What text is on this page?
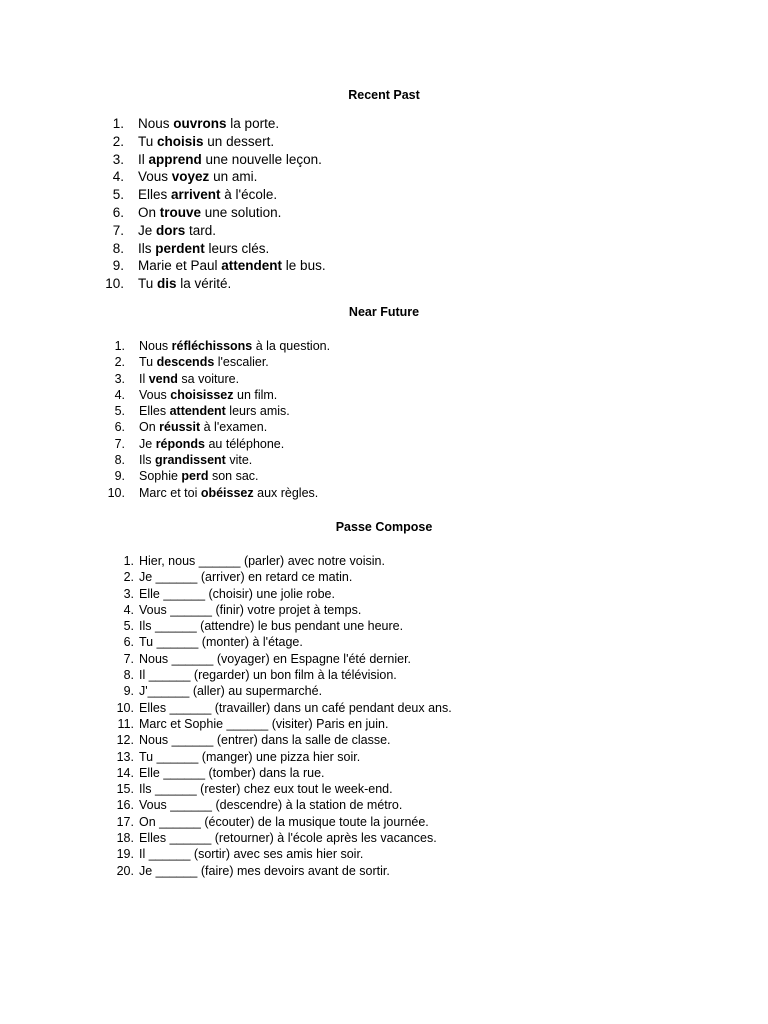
Recent Past
1. Nous ouvrons la porte.
2. Tu choisis un dessert.
3. Il apprend une nouvelle leçon.
4. Vous voyez un ami.
5. Elles arrivent à l'école.
6. On trouve une solution.
7. Je dors tard.
8. Ils perdent leurs clés.
9. Marie et Paul attendent le bus.
10. Tu dis la vérité.
Near Future
1. Nous réfléchissons à la question.
2. Tu descends l'escalier.
3. Il vend sa voiture.
4. Vous choisissez un film.
5. Elles attendent leurs amis.
6. On réussit à l'examen.
7. Je réponds au téléphone.
8. Ils grandissent vite.
9. Sophie perd son sac.
10. Marc et toi obéissez aux règles.
Passe Compose
1. Hier, nous ______ (parler) avec notre voisin.
2. Je ______ (arriver) en retard ce matin.
3. Elle ______ (choisir) une jolie robe.
4. Vous ______ (finir) votre projet à temps.
5. Ils ______ (attendre) le bus pendant une heure.
6. Tu ______ (monter) à l'étage.
7. Nous ______ (voyager) en Espagne l'été dernier.
8. Il ______ (regarder) un bon film à la télévision.
9. J'______ (aller) au supermarché.
10. Elles ______ (travailler) dans un café pendant deux ans.
11. Marc et Sophie ______ (visiter) Paris en juin.
12. Nous ______ (entrer) dans la salle de classe.
13. Tu ______ (manger) une pizza hier soir.
14. Elle ______ (tomber) dans la rue.
15. Ils ______ (rester) chez eux tout le week-end.
16. Vous ______ (descendre) à la station de métro.
17. On ______ (écouter) de la musique toute la journée.
18. Elles ______ (retourner) à l'école après les vacances.
19. Il ______ (sortir) avec ses amis hier soir.
20. Je ______ (faire) mes devoirs avant de sortir.
